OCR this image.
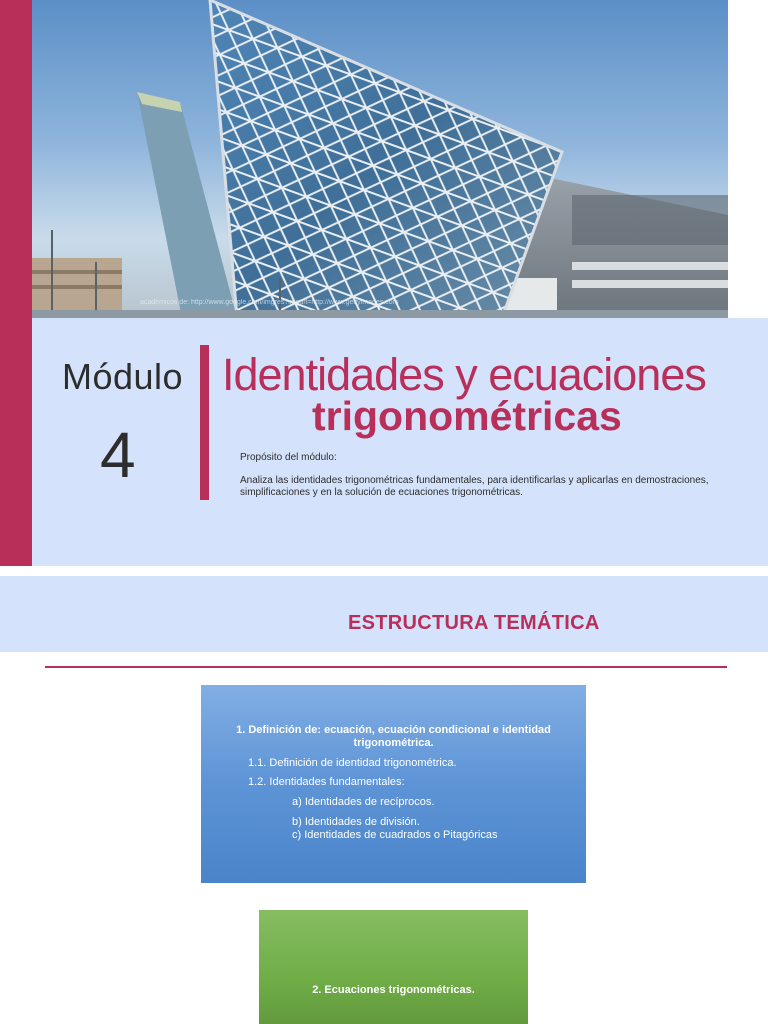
académicos de: http://www.google.com/imgres?imgurl=http://www.gettyimages.com
Módulo
4
Identidades y ecuaciones
trigonométricas
Propósito del módulo:
Analiza las identidades trigonométricas fundamentales, para identificarlas y aplicarlas en demostraciones, simplificaciones y en la solución de ecuaciones trigonométricas.
ESTRUCTURA TEMÁTICA
1. Definición de: ecuación, ecuación condicional e identidad trigonométrica.
1.1. Definición de identidad trigonométrica.
1.2. Identidades fundamentales:
a) Identidades de recíprocos.
b) Identidades de división.
c) Identidades de cuadrados o Pitagóricas
2. Ecuaciones trigonométricas.
